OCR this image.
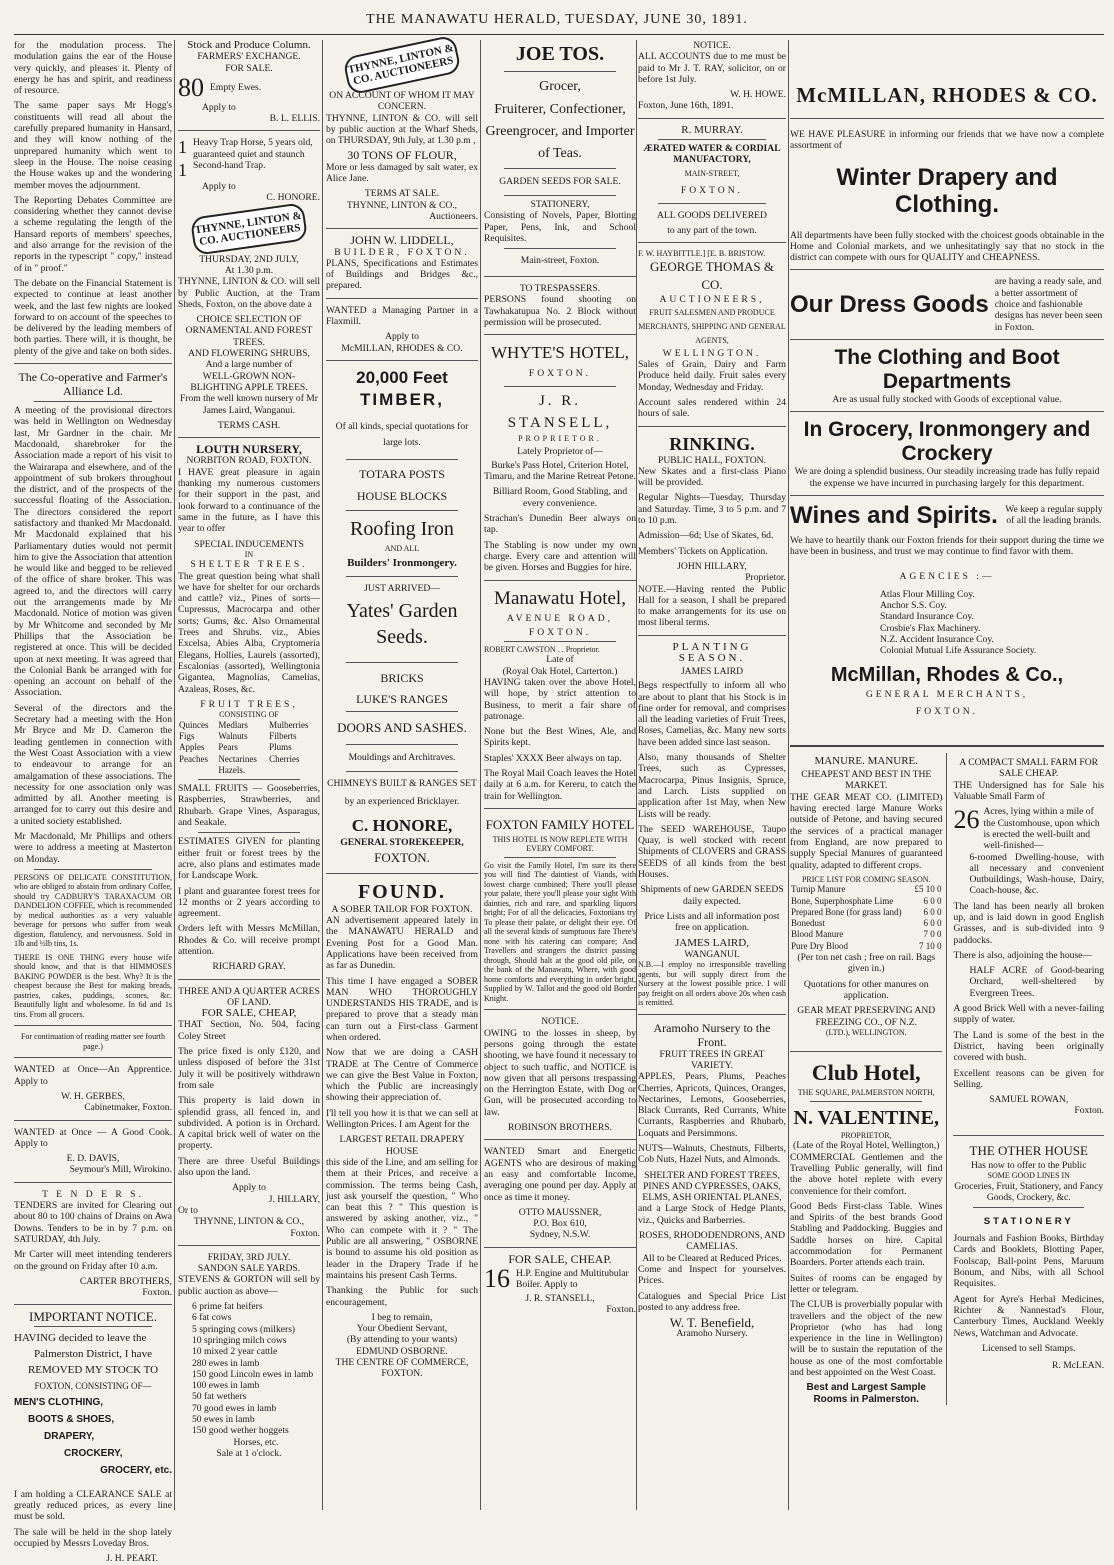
THE MANAWATU HERALD, TUESDAY, JUNE 30, 1891.

for the modulation process. The modulation gains the ear of the House very quickly, and pleases it. Plenty of energy he has and spirit, and readiness of resource.

The same paper says Mr Hogg's constituents will read all about the carefully prepared humanity in Hansard, and they will know nothing of the unprepared humanity which went to sleep in the House. The noise ceasing the House wakes up and the wondering member moves the adjournment.

The Reporting Debates Committee are considering whether they cannot devise a scheme regulating the length of the Hansard reports of members' speeches, and also arrange for the revision of the reports in the typescript " copy," instead of in " proof."

The debate on the Financial Statement is expected to continue at least another week, and the last few nights are looked forward to on account of the speeches to be delivered by the leading members of both parties. There will, it is thought, be plenty of the give and take on both sides.

The Co-operative and Farmer's Alliance Ld.

A meeting of the provisional directors was held in Wellington on Wednesday last, Mr Gardner in the chair. Mr Macdonald, sharebroker for the Association made a report of his visit to the Wairarapa and elsewhere, and of the appointment of sub brokers throughout the district, and of the prospects of the successful floating of the Association. The directors considered the report satisfactory and thanked Mr Macdonald. Mr Macdonald explained that his Parliamentary duties would not permit him to give the Association that attention he would like and begged to be relieved of the office of share broker. This was agreed to, and the directors will carry out the arrangements made by Mr Macdonald. Notice of motion was given by Mr Whitcome and seconded by Mr Phillips that the Association be registered at once. This will be decided upon at next meeting. It was agreed that the Colonial Bank be arranged with for opening an account on behalf of the Association.

Several of the directors and the Secretary had a meeting with the Hon Mr Bryce and Mr D. Cameron the leading gentlemen in connection with the West Coast Association with a view to endeavour to arrange for an amalgamation of these associations. The necessity for one association only was admitted by all. Another meeting is arranged for to carry out this desire and a united society established.

Mr Macdonald, Mr Phillips and others were to address a meeting at Masterton on Monday.

PERSONS OF DELICATE CONSTITUTION, who are obliged to abstain from ordinary Coffee, should try CADBURY'S TARAXACUM OR DANDELION COFFEE, which is recommended by medical authorities as a very valuable beverage for persons who suffer from weak digestion, flatulency, and nervousness. Sold in 1lb and ½lb tins, 1s.

THERE IS ONE THING every house wife should know, and that is that HIMMOSES BAKING POWDER is the best. Why? It is the cheapest because the Best for making breads, pastries, cakes, puddings, scones, &c. Beautifully light and wholesome. In 6d and 1s tins. From all grocers.

For continuation of reading matter see fourth page.)

WANTED at Once—An Apprentice. Apply to

W. H. GERBES,
Cabinetmaker, Foxton.

WANTED at Once — A Good Cook. Apply to

E. D. DAVIS,
Seymour's Mill, Wirokino.
T E N D E R S.

TENDERS are invited for Clearing out about 80 to 100 chains of Drains on Awa Downs. Tenders to be in by 7 p.m. on SATURDAY, 4th July.

Mr Carter will meet intending tenderers on the ground on Friday after 10 a.m.

CARTER BROTHERS,
Foxton.
IMPORTANT NOTICE.
HAVING decided to leave the
Palmerston District, I have
REMOVED MY STOCK TO
FOXTON, CONSISTING OF—
MEN'S CLOTHING,
BOOTS & SHOES,
DRAPERY,
CROCKERY,
GROCERY, etc.

I am holding a CLEARANCE SALE at greatly reduced prices, as every line must be sold.

The sale will be held in the shop lately occupied by Messrs Loveday Bros.

J. H. PEART.
Stock and Produce Column.
FARMERS' EXCHANGE.
FOR SALE.
80 Empty Ewes.
Apply to
B. L. ELLIS.
1 Heavy Trap Horse, 5 years old, guaranteed quiet and staunch
1 Second-hand Trap.
Apply to
C. HONORE.
THYNNE, LINTON & CO. AUCTIONEERS
THURSDAY, 2ND JULY,
At 1.30 p.m.

THYNNE, LINTON & CO. will sell by Public Auction, at the Tram Sheds, Foxton, on the above date a

CHOICE SELECTION OF
ORNAMENTAL AND FOREST TREES.
AND FLOWERING SHRUBS,
And a large number of
WELL-GROWN NON-BLIGHTING APPLE TREES.

From the well known nursery of Mr James Laird, Wanganui.

TERMS CASH.
LOUTH NURSERY,
NORBITON ROAD, FOXTON.

I HAVE great pleasure in again thanking my numerous customers for their support in the past, and look forward to a continuance of the same in the future, as I have this year to offer

SPECIAL INDUCEMENTS
IN
SHELTER TREES.

The great question being what shall we have for shelter for our orchards and cattle? viz., Pines of sorts—Cupressus, Macrocarpa and other sorts; Gums, &c. Also Ornamental Trees and Shrubs. viz., Abies Excelsa, Abies Alba, Cryptomeria Elegans, Hollies, Laurels (assorted), Escalonias (assorted), Wellingtonia Gigantea, Magnolias, Camelias, Azaleas, Roses, &c.

FRUIT TREES,
CONSISTING OF
Quinces	Medlars	Mulberries
Figs	Walnuts	Filberts
Apples	Pears	Plums
Peaches	Nectarines	Cherries
	Hazels.	

SMALL FRUITS — Gooseberries, Raspberries, Strawberries, and Rhubarb. Grape Vines, Asparagus, and Seakale.

ESTIMATES GIVEN for planting either fruit or forest trees by the acre, also plans and estimates made for Landscape Work.

I plant and guarantee forest trees for 12 months or 2 years according to agreement.

Orders left with Messrs McMillan, Rhodes & Co. will receive prompt attention.

RICHARD GRAY.
THREE AND A QUARTER ACRES OF LAND.
FOR SALE, CHEAP,

THAT Section, No. 504, facing Coley Street

The price fixed is only £120, and unless disposed of before the 31st July it will be positively withdrawn from sale

This property is laid down in splendid grass, all fenced in, and subdivided. A potion is in Orchard. A capital brick well of water on the property.

There are three Useful Buildings also upon the land.

Apply to
J. HILLARY,
Or to
THYNNE, LINTON & CO.,
Foxton.
FRIDAY, 3RD JULY.
SANDON SALE YARDS.

STEVENS & GORTON will sell by public auction as above—

6 prime fat heifers
6 fat cows
5 springing cows (milkers)
10 springing milch cows
10 mixed 2 year cattle
280 ewes in lamb
150 good Lincoln ewes in lamb
100 ewes in lamb
50 fat wethers
70 good ewes in lamb
50 ewes in lamb
150 good wether hoggets
Horses, etc.
Sale at 1 o'clock.
THYNNE, LINTON & CO. AUCTIONEERS
ON ACCOUNT OF WHOM IT MAY CONCERN.

THYNNE, LINTON & CO. will sell by public auction at the Wharf Sheds, on THURSDAY, 9th July, at 1.30 p.m ,

30 TONS OF FLOUR,

More or less damaged by salt water, ex Alice Jane.

TERMS AT SALE.
THYNNE, LINTON & CO.,
Auctioneers.
JOHN W. LIDDELL,
BUILDER, FOXTON.

PLANS, Specifications and Estimates of Buildings and Bridges &c., prepared.

WANTED a Managing Partner in a Flaxmill.

Apply to
McMILLAN, RHODES & CO.
20,000 Feet
TIMBER,

Of all kinds, special quotations for large lots.

TOTARA POSTS
HOUSE BLOCKS
Roofing Iron
AND ALL
Builders' Ironmongery.
JUST ARRIVED—
Yates' Garden Seeds.
BRICKS
LUKE'S RANGES
DOORS AND SASHES.
Mouldings and Architraves.

CHIMNEYS BUILT & RANGES SET by an experienced Bricklayer.

C. HONORE,
GENERAL STOREKEEPER,
FOXTON.
FOUND.
A SOBER TAILOR FOR FOXTON.

AN advertisement appeared lately in the MANAWATU HERALD and Evening Post for a Good Man. Applications have been received from as far as Dunedin.

This time I have engaged a SOBER MAN WHO THOROUGHLY UNDERSTANDS HIS TRADE, and is prepared to prove that a steady man can turn out a First-class Garment when ordered.

Now that we are doing a CASH TRADE at The Centre of Commerce we can give the Best Value in Foxton, which the Public are increasingly showing their appreciation of.

I'll tell you how it is that we can sell at Wellington Prices. I am Agent for the

LARGEST RETAIL DRAPERY HOUSE

this side of the Line, and am selling for them at their Prices, and receive a commission. The terms being Cash, just ask yourself the question, " Who can beat this ? " This question is answered by asking another, viz., " Who can compete with it ? " The Public are all answering, " OSBORNE is bound to assume his old position as leader in the Drapery Trade if he maintains his present Cash Terms.

Thanking the Public for such encouragement,

I beg to remain,
Your Obedient Servant,
(By attending to your wants)
EDMUND OSBORNE.
THE CENTRE OF COMMERCE, FOXTON.
JOE TOS.
Grocer,
Fruiterer, Confectioner,
Greengrocer, and Importer of Teas.
GARDEN SEEDS FOR SALE.
STATIONERY,

Consisting of Novels, Paper, Blotting Paper, Pens, Ink, and School Requisites.

Main-street, Foxton.
TO TRESPASSERS.

PERSONS found shooting on Tawhakatupua No. 2 Block without permission will be prosecuted.

WHYTE'S HOTEL,
FOXTON.
J. R. STANSELL,
PROPRIETOR.
Lately Proprietor of—

Burke's Pass Hotel, Criterion Hotel, Timaru, and the Marine Retreat Petone.

Billiard Room, Good Stabling, and every convenience.

Strachan's Dunedin Beer always on tap.

The Stabling is now under my own charge. Every care and attention will be given. Horses and Buggies for hire.

Manawatu Hotel,
AVENUE ROAD,
FOXTON.
ROBERT CAWSTON . . Proprietor.
Late of
(Royal Oak Hotel, Carterton.)

HAVING taken over the above Hotel, will hope, by strict attention to Business, to merit a fair share of patronage.

None but the Best Wines, Ale, and Spirits kept.

Staples' XXXX Beer always on tap.

The Royal Mail Coach leaves the Hotel daily at 6 a.m. for Kereru, to catch the train for Wellington.

FOXTON FAMILY HOTEL
THIS HOTEL IS NOW REPLETE WITH EVERY COMFORT.

Go visit the Family Hotel, I'm sure its there you will find The daintiest of Viands, with lowest charge combined; There you'll please your palate, there you'll please your sight With dainties, rich and rare, and sparkling liquors bright; For of all the delicacies, Foxtonians try To please their palate, or delight their eye. Of all the several kinds of sumptuous fare There's none with his catering can compare; And Travellers and strangers the district passing through, Should halt at the good old pile, on the bank of the Manawatu, Where, with good home comforts and everything in order bright, Supplied by W. Tallot and the good old Border Knight.

NOTICE.

OWING to the losses in sheep, by persons going through the estate shooting, we have found it necessary to object to such traffic, and NOTICE is now given that all persons trespassing on the Herrington Estate, with Dog or Gun, will be prosecuted according to law.

ROBINSON BROTHERS.

WANTED Smart and Energetic AGENTS who are desirous of making an easy and comfortable Income, averaging one pound per day. Apply at once as time it money.

OTTO MAUSSNER,
P.O. Box 610,
Sydney, N.S.W.
FOR SALE, CHEAP.
16 H.P. Engine and Multitubular Boiler. Apply to
J. R. STANSELL,
Foxton.
NOTICE.

ALL ACCOUNTS due to me must be paid to Mr J. T. RAY, solicitor, on or before 1st July.

W. H. HOWE.
Foxton, June 16th, 1891.
R. MURRAY.
ÆRATED WATER & CORDIAL MANUFACTORY,
MAIN-STREET,
FOXTON.
ALL GOODS DELIVERED
to any part of the town.
F. W. HAYBITTLE.] [E. B. BRISTOW.
GEORGE THOMAS & CO.
AUCTIONEERS,
FRUIT SALESMEN AND PRODUCE MERCHANTS, SHIPPING AND GENERAL AGENTS,
WELLINGTON.

Sales of Grain, Dairy and Farm Produce held daily. Fruit sales every Monday, Wednesday and Friday.

Account sales rendered within 24 hours of sale.

RINKING.
PUBLIC HALL, FOXTON.

New Skates and a first-class Piano will be provided.

Regular Nights—Tuesday, Thursday and Saturday. Time, 3 to 5 p.m. and 7 to 10 p.m.

Admission—6d; Use of Skates, 6d.

Members' Tickets on Application.

JOHN HILLARY,
Proprietor.

NOTE.—Having rented the Public Hall for a season, I shall be prepared to make arrangements for its use on most liberal terms.

PLANTING SEASON.
JAMES LAIRD

Begs respectfully to inform all who are about to plant that his Stock is in fine order for removal, and comprises all the leading varieties of Fruit Trees, Roses, Camelias, &c. Many new sorts have been added since last season.

Also, many thousands of Shelter Trees, such as Cypresses, Macrocarpa, Pinus Insignis, Spruce, and Larch. Lists supplied on application after 1st May, when New Lists will be ready.

The SEED WAREHOUSE, Taupo Quay, is well stocked with recent Shipments of CLOVERS and GRASS SEEDS of all kinds from the best Houses.

Shipments of new GARDEN SEEDS daily expected.

Price Lists and all information post free on application.

JAMES LAIRD,
WANGANUI.

N.B.—I employ no irresponsible travelling agents, but will supply direct from the Nursery at the lowest possible price. I will pay freight on all orders above 20s when cash is remitted.

Aramoho Nursery to the Front.
FRUIT TREES IN GREAT VARIETY.

APPLES, Pears, Plums, Peaches Cherries, Apricots, Quinces, Oranges, Nectarines, Lemons, Gooseberries, Black Currants, Red Currants, White Currants, Raspberries and Rhubarb, Loquats and Persimmons.

NUTS—Walnuts, Chestnuts, Filberts, Cob Nuts, Hazel Nuts, and Almonds.

SHELTER AND FOREST TREES, PINES AND CYPRESSES, OAKS, ELMS, ASH ORIENTAL PLANES,

and a Large Stock of Hedge Plants, viz., Quicks and Barberries.

ROSES, RHODODENDRONS, AND CAMELIAS.
All to be Cleared at Reduced Prices.

Come and Inspect for yourselves. Prices.

Catalogues and Special Price List posted to any address free.

W. T. Benefield,
Aramoho Nursery.
McMILLAN, RHODES & CO.

WE HAVE PLEASURE in informing our friends that we have now a complete assortment of

Winter Drapery and Clothing.

All departments have been fully stocked with the choicest goods obtainable in the Home and Colonial markets, and we unhesitatingly say that no stock in the district can compete with ours for QUALITY and CHEAPNESS.

Our Dress Goods
are having a ready sale, and a better assortment of choice and fashionable designs has never been seen in Foxton.
The Clothing and Boot Departments

Are as usual fully stocked with Goods of exceptional value.

In Grocery, Ironmongery and Crockery

We are doing a splendid business. Our steadily increasing trade has fully repaid the expense we have incurred in purchasing largely for this department.

Wines and Spirits. We keep a regular supply of all the leading brands.

We have to heartily thank our Foxton friends for their support during the time we have been in business, and trust we may continue to find favor with them.

AGENCIES :—
Atlas Flour Milling Coy.
Anchor S.S. Coy.
Standard Insurance Coy.
Crosbie's Flax Machinery.
N.Z. Accident Insurance Coy.
Colonial Mutual Life Assurance Society.
McMillan, Rhodes & Co.,
GENERAL MERCHANTS,
FOXTON.
MANURE. MANURE.
CHEAPEST AND BEST IN THE MARKET.

THE GEAR MEAT CO. (LIMITED) having erected large Manure Works outside of Petone, and having secured the services of a practical manager from England, are now prepared to supply Special Manures of guaranteed quality, adapted to different crops.

PRICE LIST FOR COMING SEASON.
Turnip Manure	£5 10 0
Bone, Superphosphate Lime	6 0 0
Prepared Bone (for grass land)	6 0 0
Bonedust	6 0 0
Blood Manure	7 0 0
Pure Dry Blood	7 10 0

(Per ton net cash ; free on rail. Bags given in.)

Quotations for other manures on application.

GEAR MEAT PRESERVING AND FREEZING CO., OF N.Z.
(LTD.), WELLINGTON.
Club Hotel,
THE SQUARE, PALMERSTON NORTH,
N. VALENTINE,
PROPRIETOR,
(Late of the Royal Hotel, Wellington,)

COMMERCIAL Gentlemen and the Travelling Public generally, will find the above hotel replete with every convenience for their comfort.

Good Beds First-class Table. Wines and Spirits of the best brands Good Stabling and Paddocking. Buggies and Saddle horses on hire. Capital accommodation for Permanent Boarders. Porter attends each train.

Suites of rooms can be engaged by letter or telegram.

The CLUB is proverbially popular with travellers and the object of the new Proprietor (who has had long experience in the line in Wellington) will be to sustain the reputation of the house as one of the most comfortable and best appointed on the West Coast.

Best and Largest Sample Rooms in Palmerston.
A COMPACT SMALL FARM FOR SALE CHEAP.

THE Undersigned has for Sale his Valuable Small Farm of

26 Acres, lying within a mile of the Customhouse, upon which is erected the well-built and well-finished—

6-roomed Dwelling-house, with all necessary and convenient Outbuildings, Wash-house, Dairy, Coach-house, &c.

The land has been nearly all broken up, and is laid down in good English Grasses, and is sub-divided into 9 paddocks.

There is also, adjoining the house—

HALF ACRE of Good-bearing Orchard, well-sheltered by Evergreen Trees.

A good Brick Well with a never-failing supply of water.

The Land is some of the best in the District, having been originally covered with bush.

Excellent reasons can be given for Selling.

SAMUEL ROWAN,
Foxton.
THE OTHER HOUSE
Has now to offer to the Public
SOME GOOD LINES IN

Groceries, Fruit, Stationery, and Fancy Goods, Crockery, &c.

STATIONERY

Journals and Fashion Books, Birthday Cards and Booklets, Blotting Paper, Foolscap, Ball-point Pens, Maruum Bonum, and Nibs, with all School Requisites.

Agent for Ayre's Herbal Medicines, Richter & Nannestad's Flour, Canterbury Times, Auckland Weekly News, Watchman and Advocate.

Licensed to sell Stamps.
R. McLEAN.
